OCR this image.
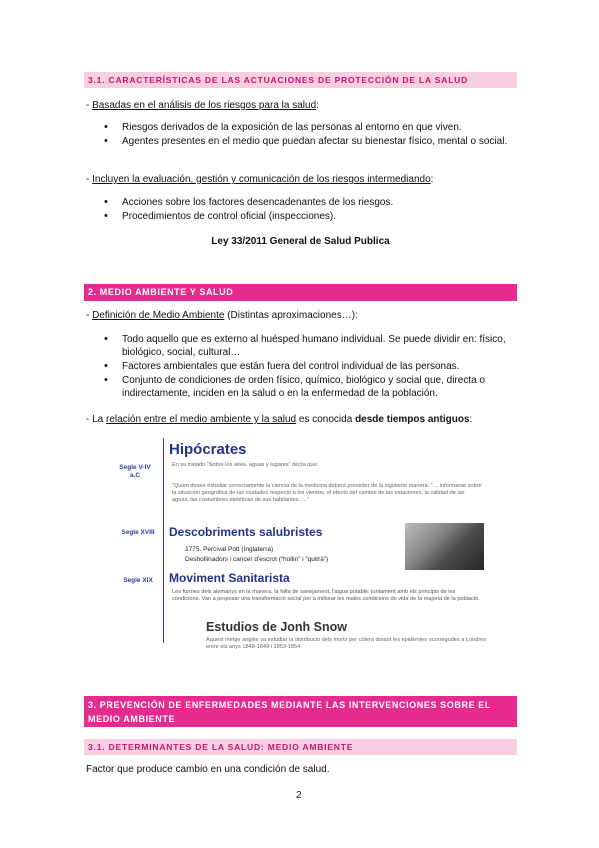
3.1. CARACTERÍSTICAS DE LAS ACTUACIONES DE PROTECCIÓN DE LA SALUD
- Basadas en el análisis de los riesgos para la salud:
• Riesgos derivados de la exposición de las personas al entorno en que viven.
• Agentes presentes en el medio que puedan afectar su bienestar físico, mental o social.
- Incluyen la evaluación, gestión y comunicación de los riesgos intermediando:
• Acciones sobre los factores desencadenantes de los riesgos.
• Procedimientos de control oficial (inspecciones).
Ley 33/2011 General de Salud Publica
2. MEDIO AMBIENTE Y SALUD
- Definición de Medio Ambiente (Distintas aproximaciones…):
• Todo aquello que es externo al huésped humano individual. Se puede dividir en: físico, biológico, social, cultural…
• Factores ambientales que están fuera del control individual de las personas.
• Conjunto de condiciones de orden físico, químico, biológico y social que, directa o indirectamente, inciden en la salud o en la enfermedad de la población.
- La relación entre el medio ambiente y la salud es conocida desde tiempos antiguos:
Segle V-IV a.C
Segle XVIII
Segle XIX
Hipócrates
En su tratado “Sobre los aires, aguas y lugares” decía que:
“Quien desee estudiar correctamente la ciencia de la medicina deberá proceder de la siguiente manera: “… informarse sobre la situación geográfica de las ciudades respecto a los vientos, el efecto del cambio de las estaciones, la calidad de las aguas, las costumbres dietéticas de sus habitantes, …”
Descobriments salubristes
1775. Percival Pott (Inglaterra)
Deshollinadors i cancer d'escrot (“hollin” i “quitrà”)
Moviment Sanitarista
Les formes dels alemanys en la manera, la falta de sanejament, l'aigua potable, juntament amb els principis de les condicions. Van a proposar una transformació social per a millorar les males condicions de vida de la majoria de la població.
Estudios de Jonh Snow
Aquest metge anglès va estudiar la distribució dels morts per còlera durant les epidèmies ocorregudes a Londres entre els anys 1848-1849 i 1853-1854.
3. PREVENCIÓN DE ENFERMEDADES MEDIANTE LAS INTERVENCIONES SOBRE EL MEDIO AMBIENTE
3.1. DETERMINANTES DE LA SALUD: MEDIO AMBIENTE
Factor que produce cambio en una condición de salud.
2
